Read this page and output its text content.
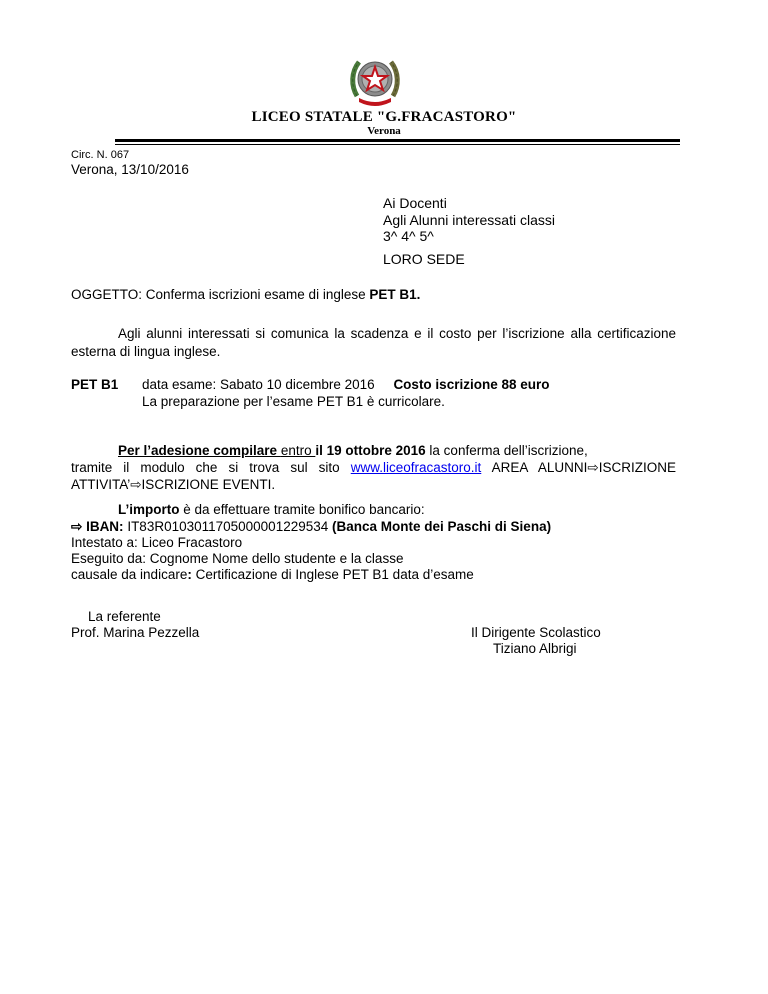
LICEO STATALE "G.FRACASTORO"
Verona
Circ. N. 067
Verona, 13/10/2016
Ai Docenti
Agli Alunni interessati classi
3^ 4^ 5^
LORO SEDE
OGGETTO: Conferma iscrizioni esame di inglese PET B1.
Agli alunni interessati si comunica la scadenza e il costo per l’iscrizione alla certificazione
esterna di lingua inglese.
PET B1 data esame: Sabato 10 dicembre 2016 Costo iscrizione 88 euro
La preparazione per l’esame PET B1 è curricolare.
Per l’adesione compilare entro il 19 ottobre 2016 la conferma dell’iscrizione,
tramite il modulo che si trova sul sito www.liceofracastoro.it AREA ALUNNI⇨ISCRIZIONE
ATTIVITA’⇨ISCRIZIONE EVENTI.
L’importo è da effettuare tramite bonifico bancario:
⇨ IBAN: IT83R0103011705000001229534 (Banca Monte dei Paschi di Siena)
Intestato a: Liceo Fracastoro
Eseguito da: Cognome Nome dello studente e la classe
causale da indicare: Certificazione di Inglese PET B1 data d’esame
La referente
Prof. Marina Pezzella	Il Dirigente Scolastico
Tiziano Albrigi
